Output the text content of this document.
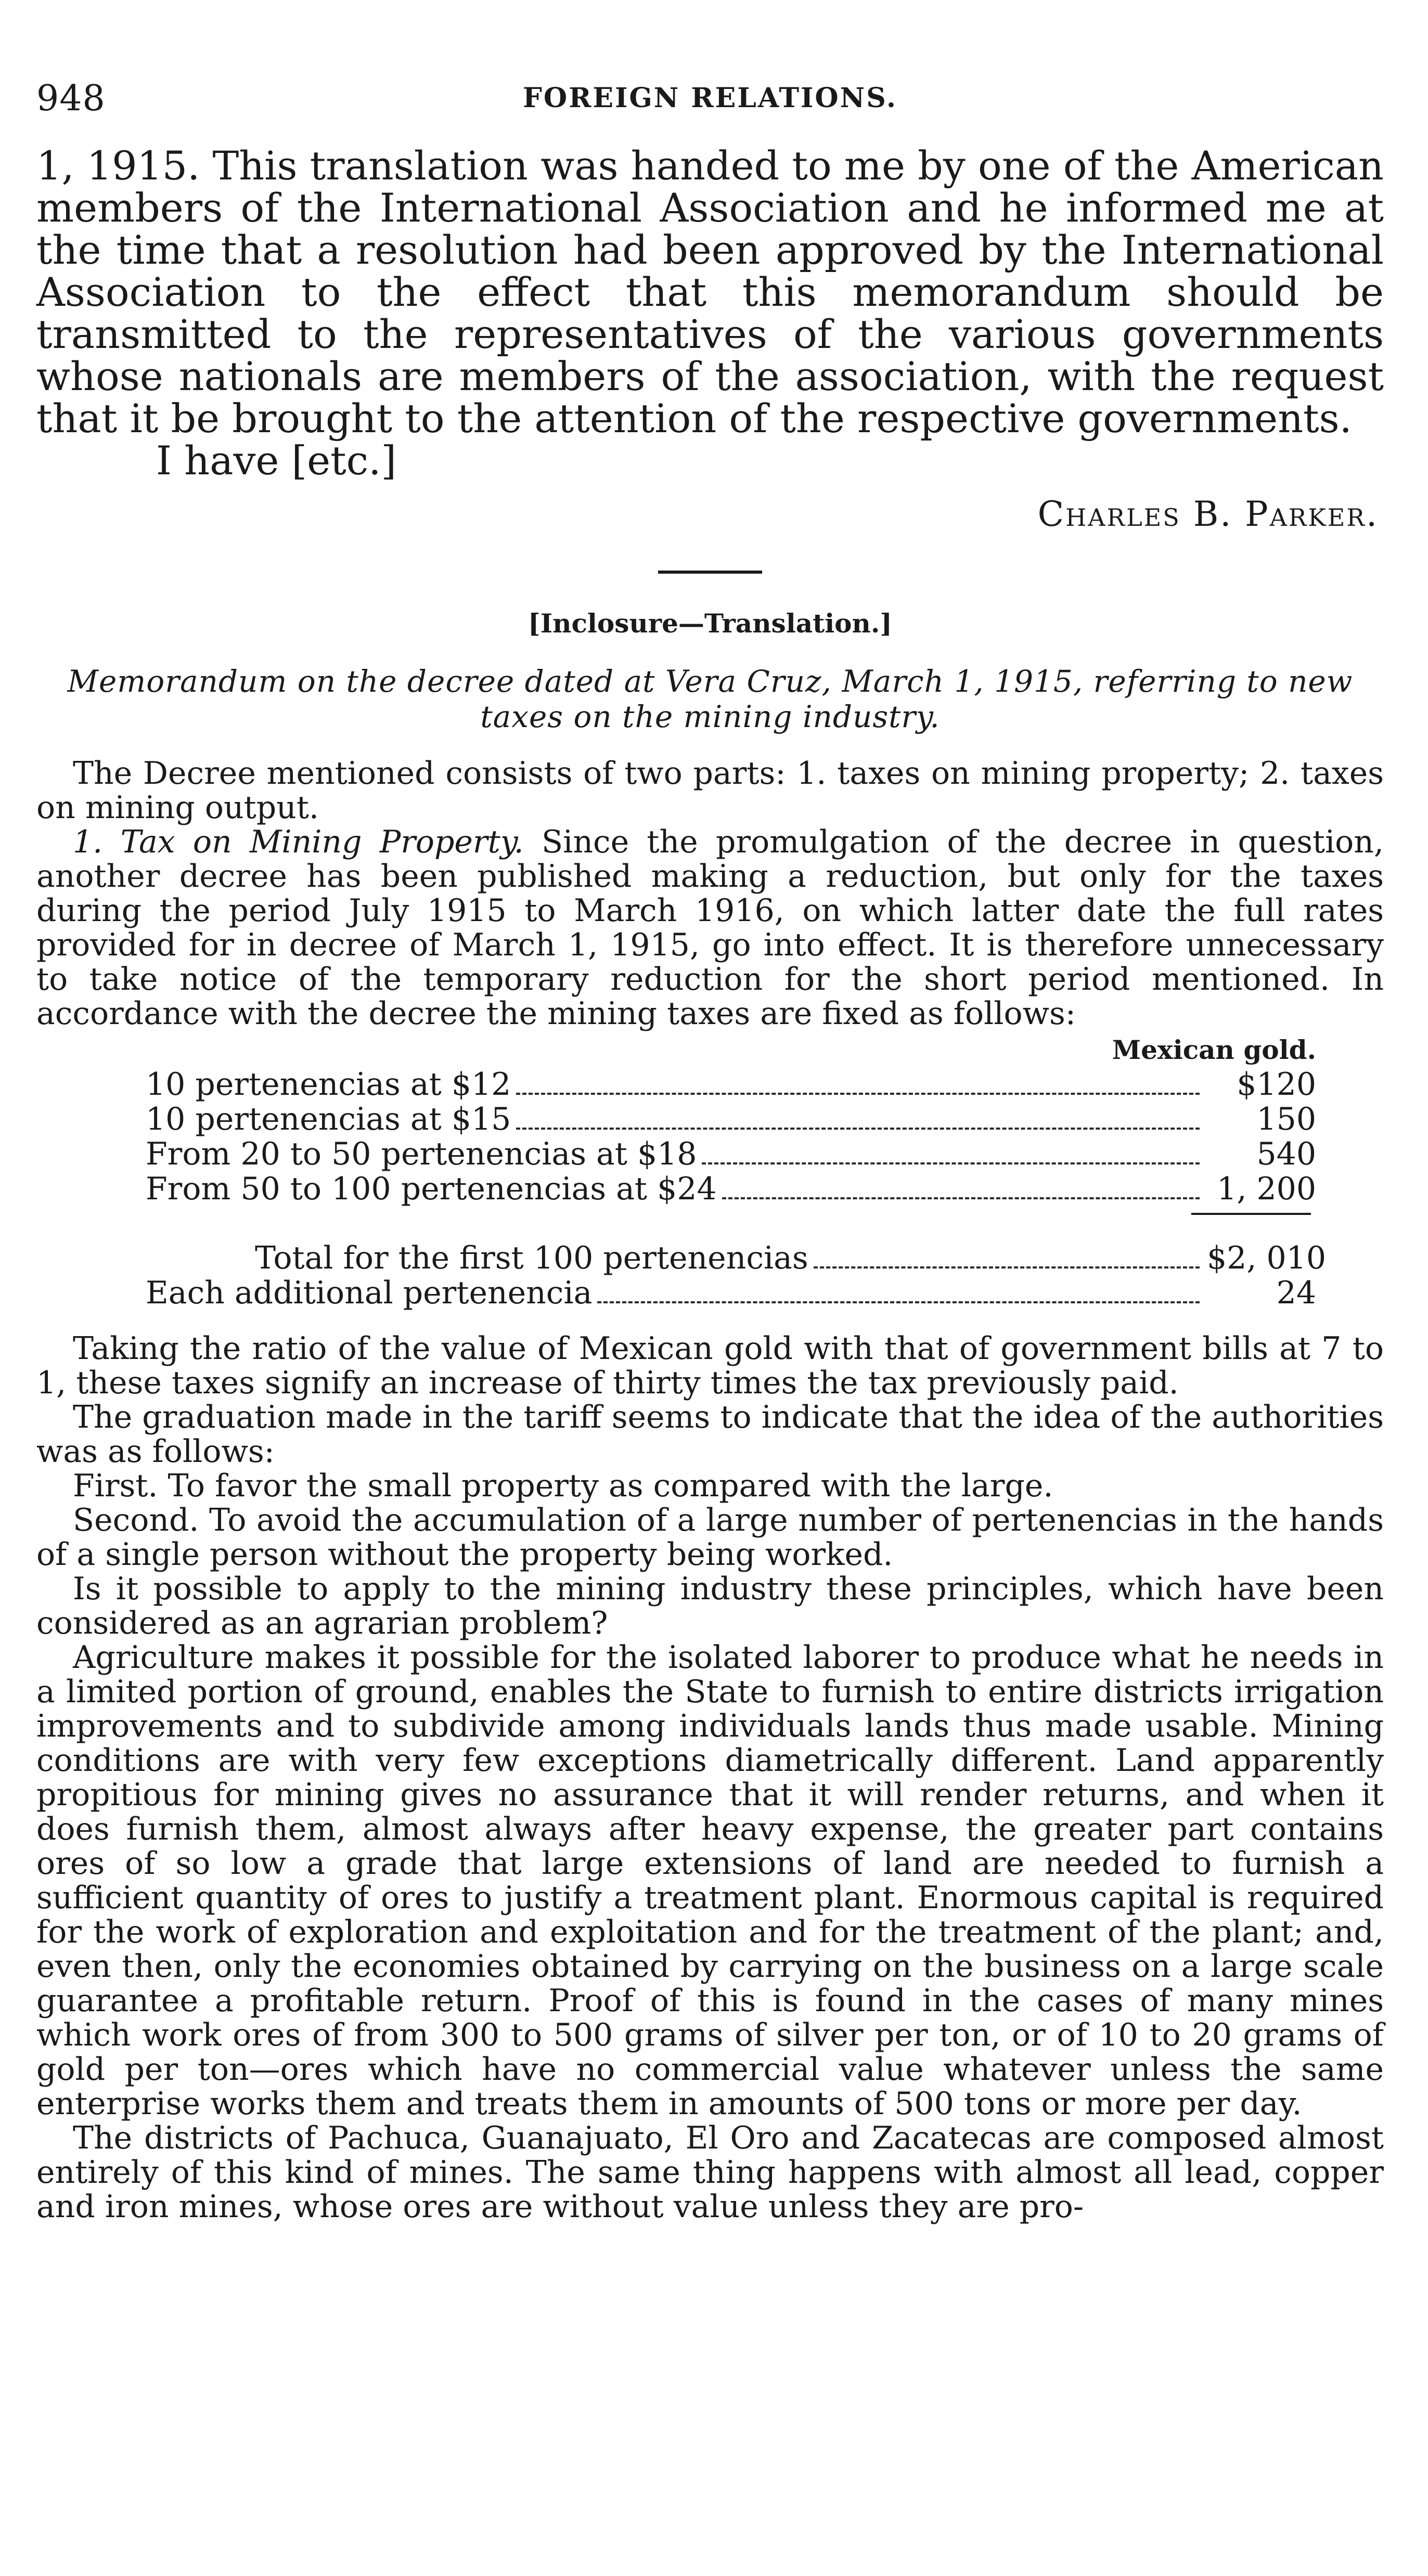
948	FOREIGN RELATIONS.

1, 1915. This translation was handed to me by one of the American members of the International Association and he informed me at the time that a resolution had been approved by the International Association to the effect that this memorandum should be transmitted to the representatives of the various governments whose nationals are members of the association, with the request that it be brought to the attention of the respective governments.

I have [etc.]

Charles B. Parker.
[Inclosure—Translation.]

Memorandum on the decree dated at Vera Cruz, March 1, 1915, referring to new taxes on the mining industry.

The Decree mentioned consists of two parts: 1. taxes on mining property; 2. taxes on mining output.

1. Tax on Mining Property. Since the promulgation of the decree in question, another decree has been published making a reduction, but only for the taxes during the period July 1915 to March 1916, on which latter date the full rates provided for in decree of March 1, 1915, go into effect. It is therefore unnecessary to take notice of the temporary reduction for the short period mentioned. In accordance with the decree the mining taxes are fixed as follows:

Mexican gold.
10 pertenencias at $12	$120
10 pertenencias at $15	150
From 20 to 50 pertenencias at $18	540
From 50 to 100 pertenencias at $24	1, 200
Total for the first 100 pertenencias	$2, 010
Each additional pertenencia	24

Taking the ratio of the value of Mexican gold with that of government bills at 7 to 1, these taxes signify an increase of thirty times the tax previously paid.

The graduation made in the tariff seems to indicate that the idea of the authorities was as follows:

First. To favor the small property as compared with the large.

Second. To avoid the accumulation of a large number of pertenencias in the hands of a single person without the property being worked.

Is it possible to apply to the mining industry these principles, which have been considered as an agrarian problem?

Agriculture makes it possible for the isolated laborer to produce what he needs in a limited portion of ground, enables the State to furnish to entire districts irrigation improvements and to subdivide among individuals lands thus made usable. Mining conditions are with very few exceptions diametrically different. Land apparently propitious for mining gives no assurance that it will render returns, and when it does furnish them, almost always after heavy expense, the greater part contains ores of so low a grade that large extensions of land are needed to furnish a sufficient quantity of ores to justify a treatment plant. Enormous capital is required for the work of exploration and exploitation and for the treatment of the plant; and, even then, only the economies obtained by carrying on the business on a large scale guarantee a profitable return. Proof of this is found in the cases of many mines which work ores of from 300 to 500 grams of silver per ton, or of 10 to 20 grams of gold per ton—ores which have no commercial value whatever unless the same enterprise works them and treats them in amounts of 500 tons or more per day.

The districts of Pachuca, Guanajuato, El Oro and Zacatecas are composed almost entirely of this kind of mines. The same thing happens with almost all lead, copper and iron mines, whose ores are without value unless they are pro-
